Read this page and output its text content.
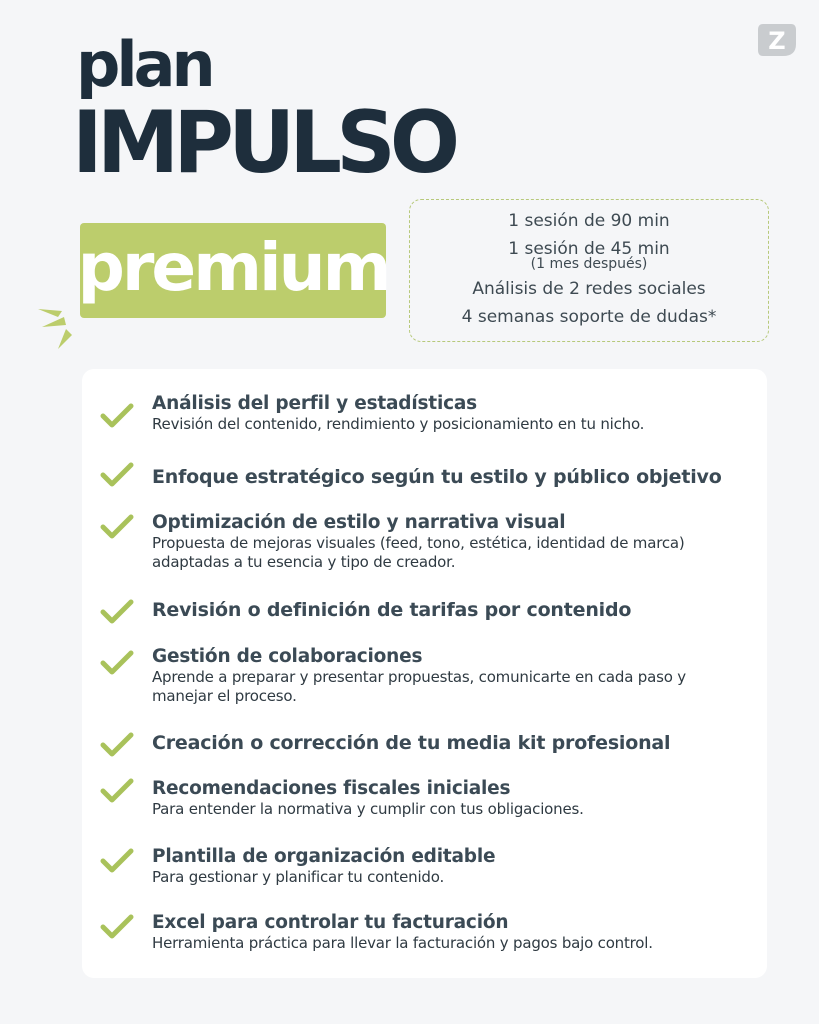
Z
plan
IMPULSO
premium
1 sesión de 90 min
1 sesión de 45 min
(1 mes después)
Análisis de 2 redes sociales
4 semanas soporte de dudas*
Análisis del perfil y estadísticas
Revisión del contenido, rendimiento y posicionamiento en tu nicho.
Enfoque estratégico según tu estilo y público objetivo
Optimización de estilo y narrativa visual
Propuesta de mejoras visuales (feed, tono, estética, identidad de marca) adaptadas a tu esencia y tipo de creador.
Revisión o definición de tarifas por contenido
Gestión de colaboraciones
Aprende a preparar y presentar propuestas, comunicarte en cada paso y manejar el proceso.
Creación o corrección de tu media kit profesional
Recomendaciones fiscales iniciales
Para entender la normativa y cumplir con tus obligaciones.
Plantilla de organización editable
Para gestionar y planificar tu contenido.
Excel para controlar tu facturación
Herramienta práctica para llevar la facturación y pagos bajo control.
